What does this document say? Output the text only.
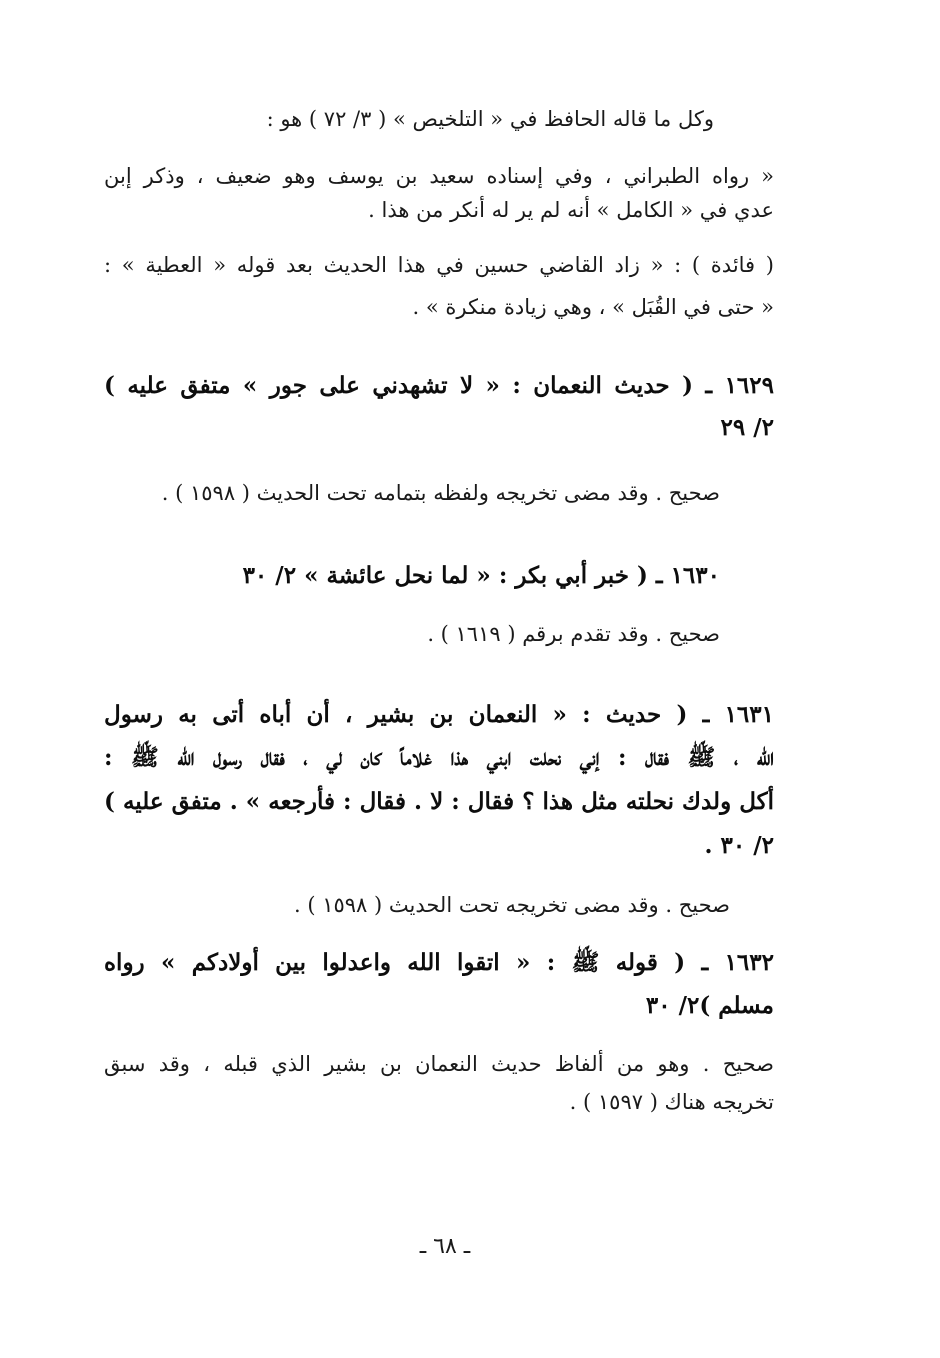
وكل ما قاله الحافظ في « التلخيص » ( ٣/ ٧٢ ) هو :
« رواه الطبراني ، وفي إسناده سعيد بن يوسف وهو ضعيف ، وذكر إبن
عدي في « الكامل » أنه لم ير له أنكر من هذا .
( فائدة ) : « زاد القاضي حسين في هذا الحديث بعد قوله « العطية » :
« حتى في القُبَل » ، وهي زيادة منكرة » .
١٦٢٩ ـ ( حديث النعمان : « لا تشهدني على جور » متفق عليه )
٢/ ٢٩
صحيح . وقد مضى تخريجه ولفظه بتمامه تحت الحديث ( ١٥٩٨ ) .
١٦٣٠ ـ ( خبر أبي بكر : « لما نحل عائشة » ٢/ ٣٠
صحيح . وقد تقدم برقم ( ١٦١٩ ) .
١٦٣١ ـ ( حديث : « النعمان بن بشير ، أن أباه أتى به رسول
الله ، ﷺ فقال : إني نحلت ابني هذا غلاماً كان لي ، فقال رسول الله ﷺ :
أكل ولدك نحلته مثل هذا ؟ فقال : لا . فقال : فأرجعه » . متفق عليه )
٢/ ٣٠ .
صحيح . وقد مضى تخريجه تحت الحديث ( ١٥٩٨ ) .
١٦٣٢ ـ ( قوله ﷺ : « اتقوا الله واعدلوا بين أولادكم » رواه
مسلم )٢/ ٣٠
صحيح . وهو من ألفاظ حديث النعمان بن بشير الذي قبله ، وقد سبق
تخريجه هناك ( ١٥٩٧ ) .
ـ ٦٨ ـ
